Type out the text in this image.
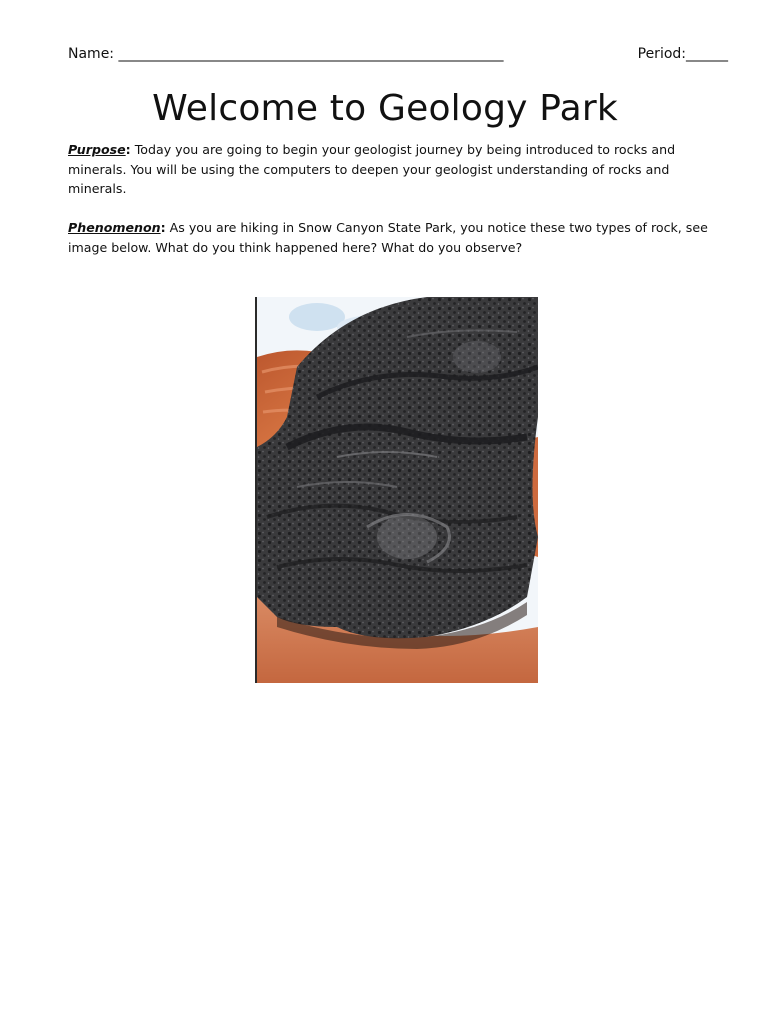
Name: _______________________________________________________	Period:______
Welcome to Geology Park
Purpose: Today you are going to begin your geologist journey by being introduced to rocks and minerals. You will be using the computers to deepen your geologist understanding of rocks and minerals.
Phenomenon: As you are hiking in Snow Canyon State Park, you notice these two types of rock, see image below. What do you think happened here? What do you observe?
